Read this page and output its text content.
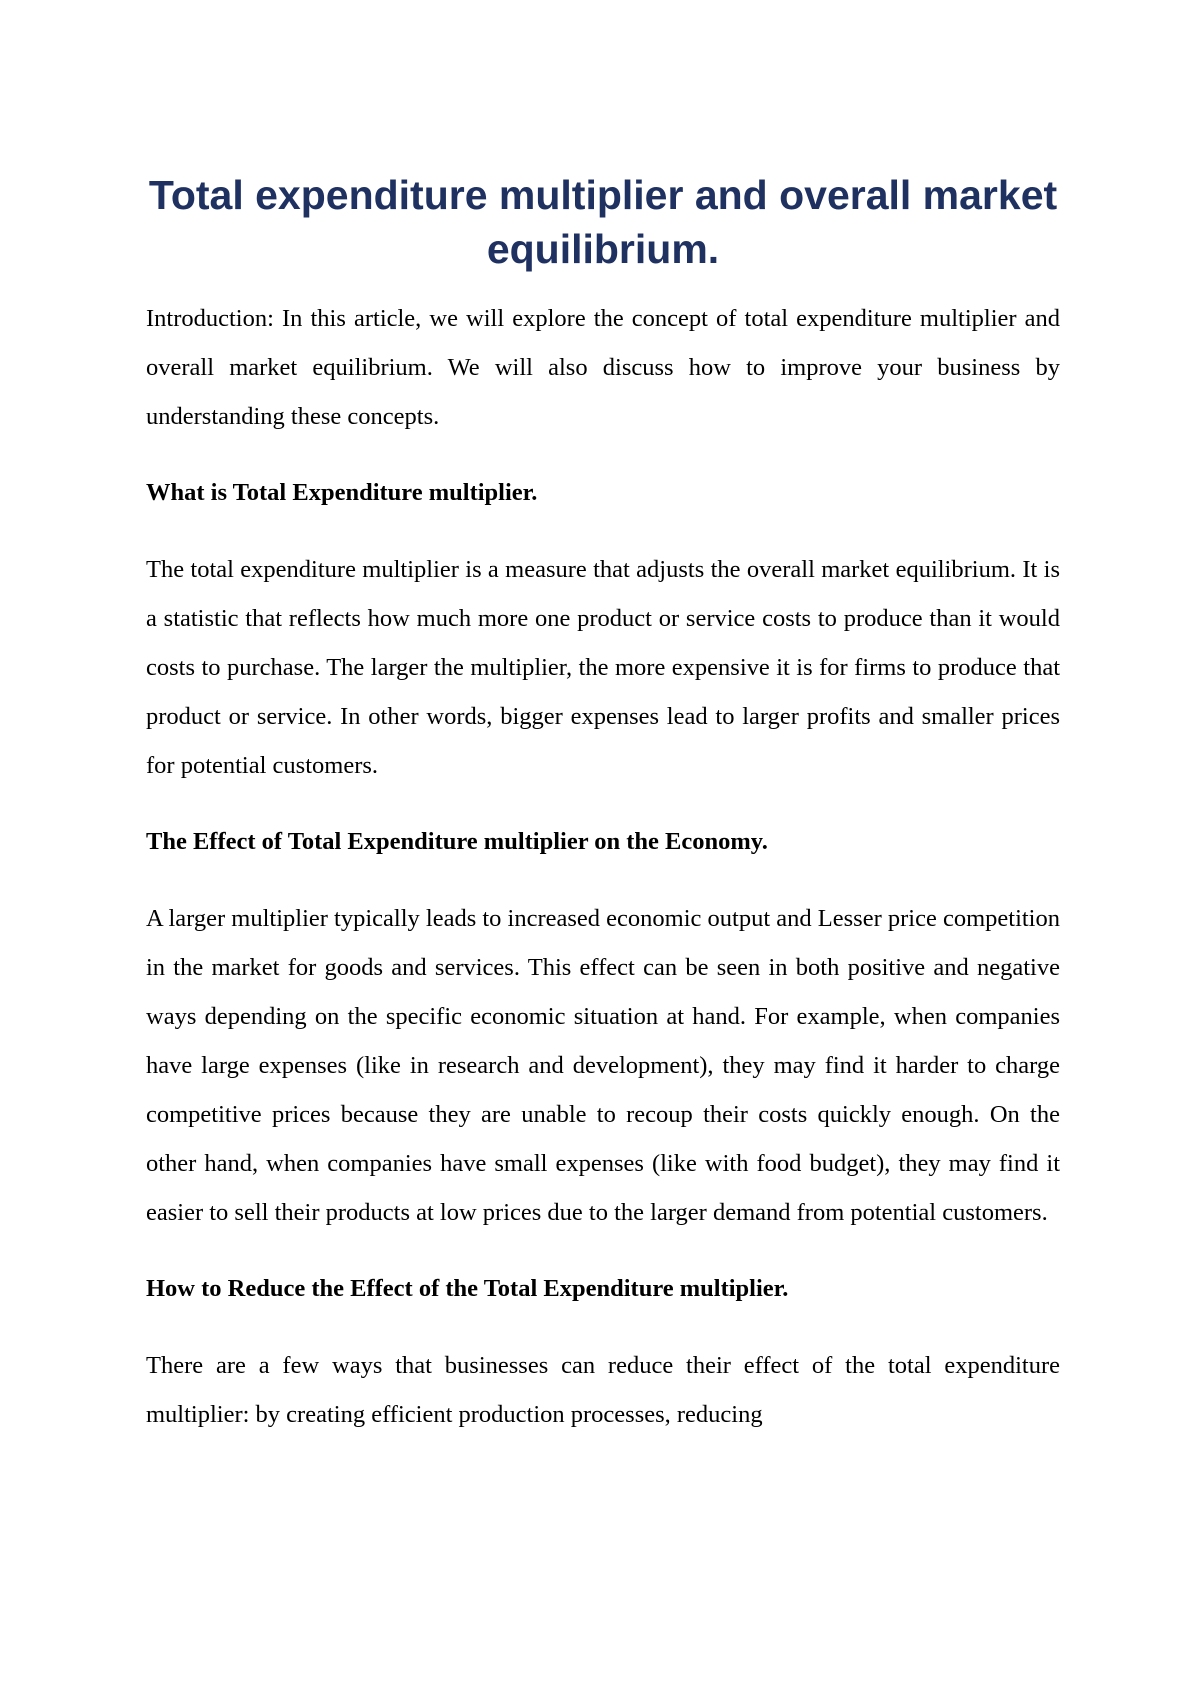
Total expenditure multiplier and overall market equilibrium.

Introduction: In this article, we will explore the concept of total expenditure multiplier and overall market equilibrium. We will also discuss how to improve your business by understanding these concepts.

What is Total Expenditure multiplier.

The total expenditure multiplier is a measure that adjusts the overall market equilibrium. It is a statistic that reflects how much more one product or service costs to produce than it would costs to purchase. The larger the multiplier, the more expensive it is for firms to produce that product or service. In other words, bigger expenses lead to larger profits and smaller prices for potential customers.

The Effect of Total Expenditure multiplier on the Economy.

A larger multiplier typically leads to increased economic output and Lesser price competition in the market for goods and services. This effect can be seen in both positive and negative ways depending on the specific economic situation at hand. For example, when companies have large expenses (like in research and development), they may find it harder to charge competitive prices because they are unable to recoup their costs quickly enough. On the other hand, when companies have small expenses (like with food budget), they may find it easier to sell their products at low prices due to the larger demand from potential customers.

How to Reduce the Effect of the Total Expenditure multiplier.

There are a few ways that businesses can reduce their effect of the total expenditure multiplier: by creating efficient production processes, reducing
